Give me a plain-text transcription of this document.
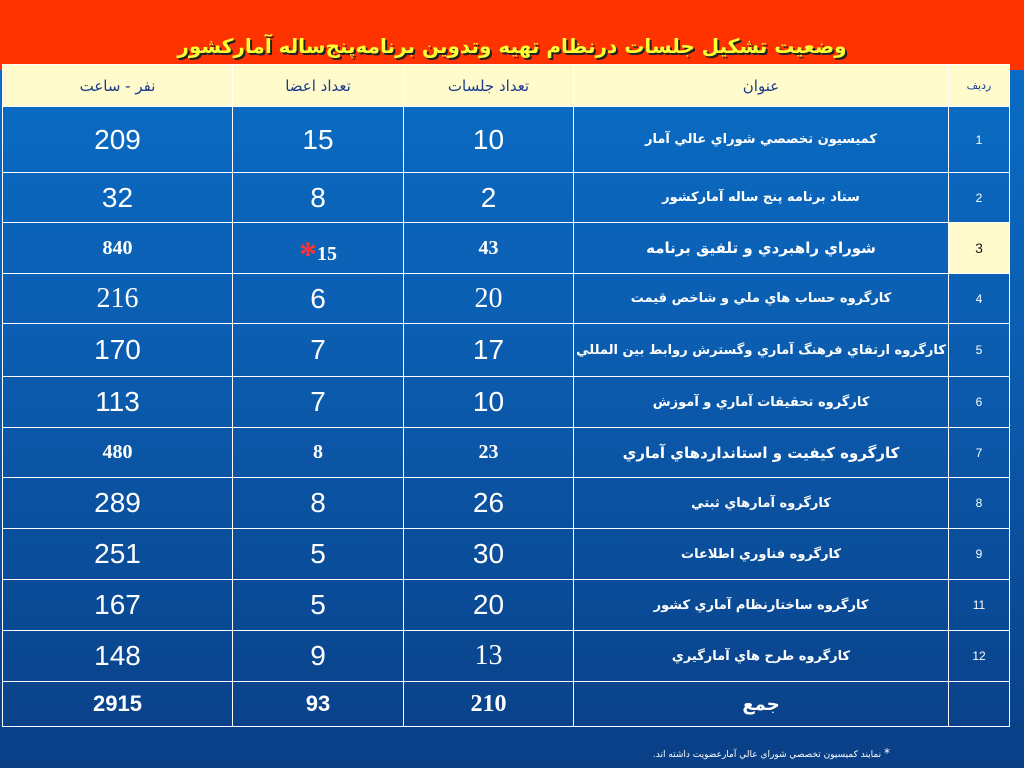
وضعيت تشكيل جلسات درنظام تهيه وتدوين برنامه‌پنج‌ساله آماركشور
نفر - ساعت	تعداد اعضا	تعداد جلسات	عنوان	رديف
209	15	10	كميسيون تخصصي شوراي عالي آمار	1
32	8	2	ستاد برنامه پنج ساله آماركشور	2
840	*15	43	شوراي راهبردي و تلفيق برنامه	3
216	6	20	كارگروه حساب هاي ملي و شاخص قيمت	4
170	7	17	كارگروه ارتقاي فرهنگ آماري وگسترش روابط بين المللي	5
113	7	10	كارگروه تحقيقات آماري و آموزش	6
480	8	23	كارگروه كيفيت و استانداردهاي آماري	7
289	8	26	كارگروه آمارهاي ثبتي	8
251	5	30	كارگروه فناوري اطلاعات	9
167	5	20	كارگروه ساختارنظام آماري كشور	11
148	9	13	كارگروه طرح هاي آمارگيري	12
2915	93	210	جمع	
* نمايند كميسيون تخصصي شوراي عالي آمارعضويت داشته اند.
